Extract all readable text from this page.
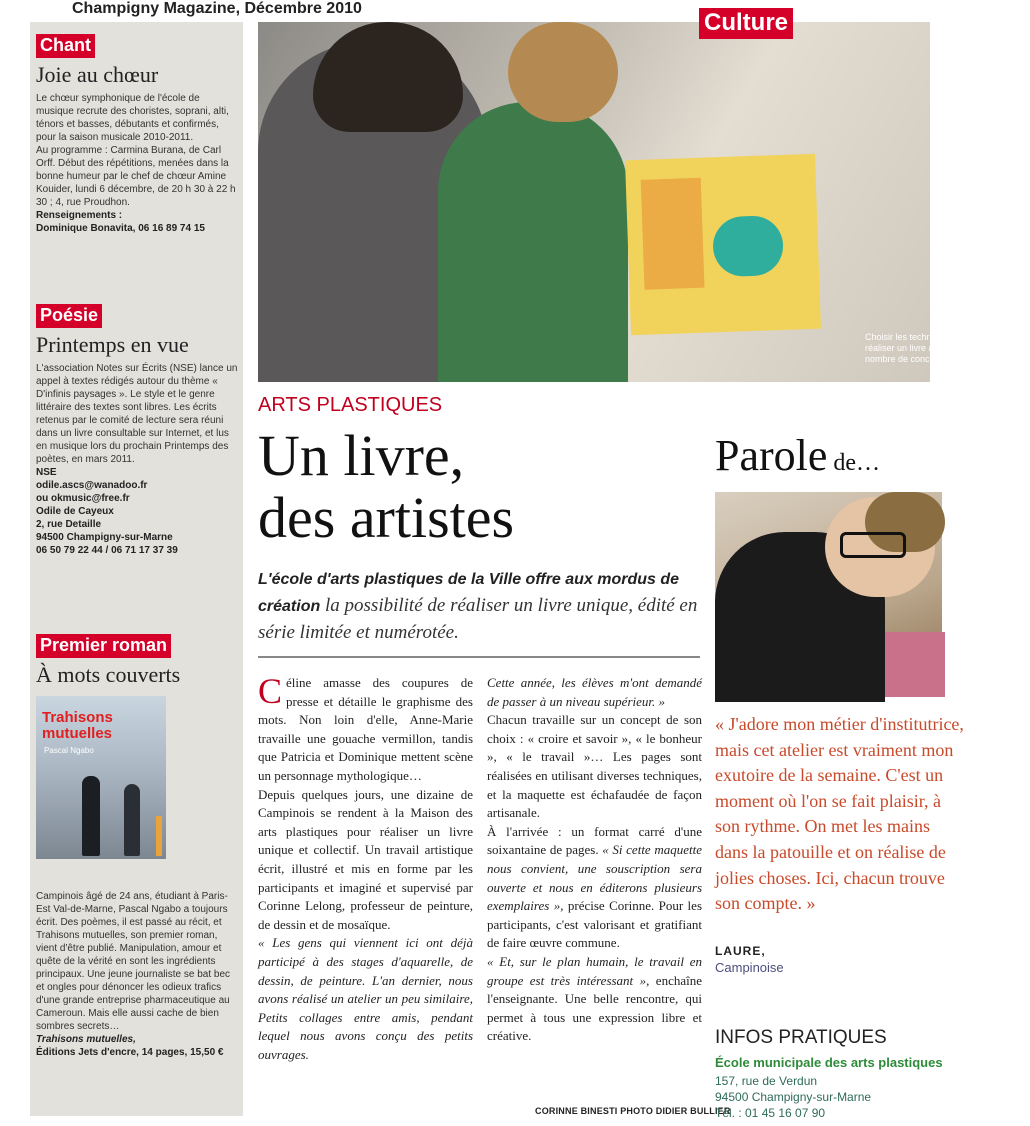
Champigny Magazine, Décembre 2010
Chant
Joie au chœur
Le chœur symphonique de l'école de musique recrute des choristes, soprani, alti, ténors et basses, débutants et confirmés, pour la saison musicale 2010-2011.
Au programme : Carmina Burana, de Carl Orff. Début des répétitions, menées dans la bonne humeur par le chef de chœur Amine Kouider, lundi 6 décembre, de 20 h 30 à 22 h 30 ; 4, rue Proudhon.
Renseignements :
Dominique Bonavita, 06 16 89 74 15
Poésie
Printemps en vue
L'association Notes sur Écrits (NSE) lance un appel à textes rédigés autour du thème « D'infinis paysages ». Le style et le genre littéraire des textes sont libres. Les écrits retenus par le comité de lecture sera réuni dans un livre consultable sur Internet, et lus en musique lors du prochain Printemps des poètes, en mars 2011.
NSE
odile.ascs@wanadoo.fr
ou okmusic@free.fr
Odile de Cayeux
2, rue Detaille
94500 Champigny-sur-Marne
06 50 79 22 44 / 06 71 17 37 39
Premier roman
À mots couverts
Trahisons mutuelles
Pascal Ngabo
Campinois âgé de 24 ans, étudiant à Paris-Est Val-de-Marne, Pascal Ngabo a toujours écrit. Des poèmes, il est passé au récit, et Trahisons mutuelles, son premier roman, vient d'être publié. Manipulation, amour et quête de la vérité en sont les ingrédients principaux. Une jeune journaliste se bat bec et ongles pour dénoncer les odieux trafics d'une grande entreprise pharmaceutique au Cameroun. Mais elle aussi cache de bien sombres secrets…
Trahisons mutuelles,
Éditions Jets d'encre, 14 pages, 15,50 €
Choisir les techniques à employer pour réaliser un livre à plusieurs nécessite nombre de concertations.
Culture
ARTS PLASTIQUES
Un livre,
des artistes
L'école d'arts plastiques de la Ville offre aux mordus de création la possibilité de réaliser un livre unique, édité en série limitée et numérotée.

Céline amasse des coupures de presse et détaille le graphisme des mots. Non loin d'elle, Anne-Marie travaille une gouache vermillon, tandis que Patricia et Dominique mettent scène un personnage mythologique…

Depuis quelques jours, une dizaine de Campinois se rendent à la Maison des arts plastiques pour réaliser un livre unique et collectif. Un travail artistique écrit, illustré et mis en forme par les participants et imaginé et supervisé par Corinne Lelong, professeur de peinture, de dessin et de mosaïque.

« Les gens qui viennent ici ont déjà participé à des stages d'aquarelle, de dessin, de peinture. L'an dernier, nous avons réalisé un atelier un peu similaire, Petits collages entre amis, pendant lequel nous avons conçu des petits ouvrages.

Cette année, les élèves m'ont demandé de passer à un niveau supérieur. »

Chacun travaille sur un concept de son choix : « croire et savoir », « le bonheur », « le travail »… Les pages sont réalisées en utilisant diverses techniques, et la maquette est échafaudée de façon artisanale.

À l'arrivée : un format carré d'une soixantaine de pages. « Si cette maquette nous convient, une souscription sera ouverte et nous en éditerons plusieurs exemplaires », précise Corinne. Pour les participants, c'est valorisant et gratifiant de faire œuvre commune.

« Et, sur le plan humain, le travail en groupe est très intéressant », enchaîne l'enseignante. Une belle rencontre, qui permet à tous une expression libre et créative.

CORINNE BINESTI PHOTO DIDIER BULLIER
Parole de…
« J'adore mon métier d'institutrice, mais cet atelier est vraiment mon exutoire de la semaine. C'est un moment où l'on se fait plaisir, à son rythme. On met les mains dans la patouille et on réalise de jolies choses. Ici, chacun trouve son compte. »
LAURE,
Campinoise
INFOS PRATIQUES
École municipale des arts plastiques
157, rue de Verdun
94500 Champigny-sur-Marne
Tél. : 01 45 16 07 90
